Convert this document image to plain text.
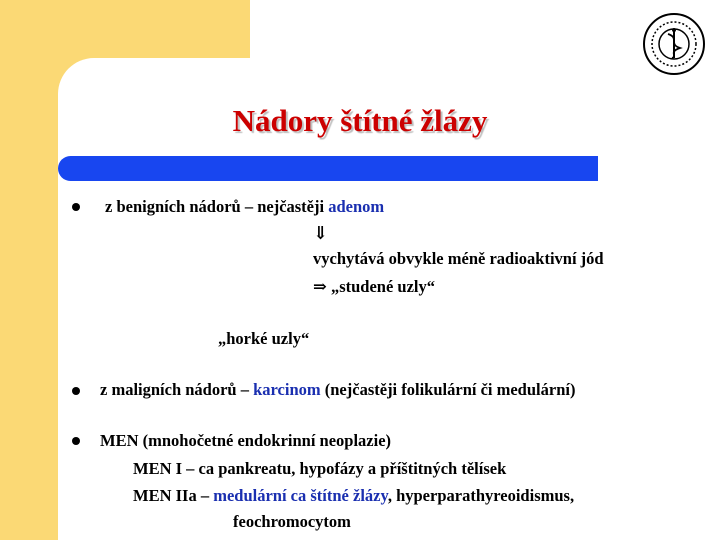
Nádory štítné žlázy

z benigních nádorů – nejčastěji adenom

⇓

vychytává obvykle méně radioaktivní jód

⇒ „studené uzly“

„horké uzly“

z maligních nádorů – karcinom (nejčastěji folikulární či medulární)

MEN (mnohočetné endokrinní neoplazie)

MEN I – ca pankreatu, hypofázy a příštitných tělísek

MEN IIa – medulární ca štítné žlázy, hyperparathyreoidismus,

feochromocytom
